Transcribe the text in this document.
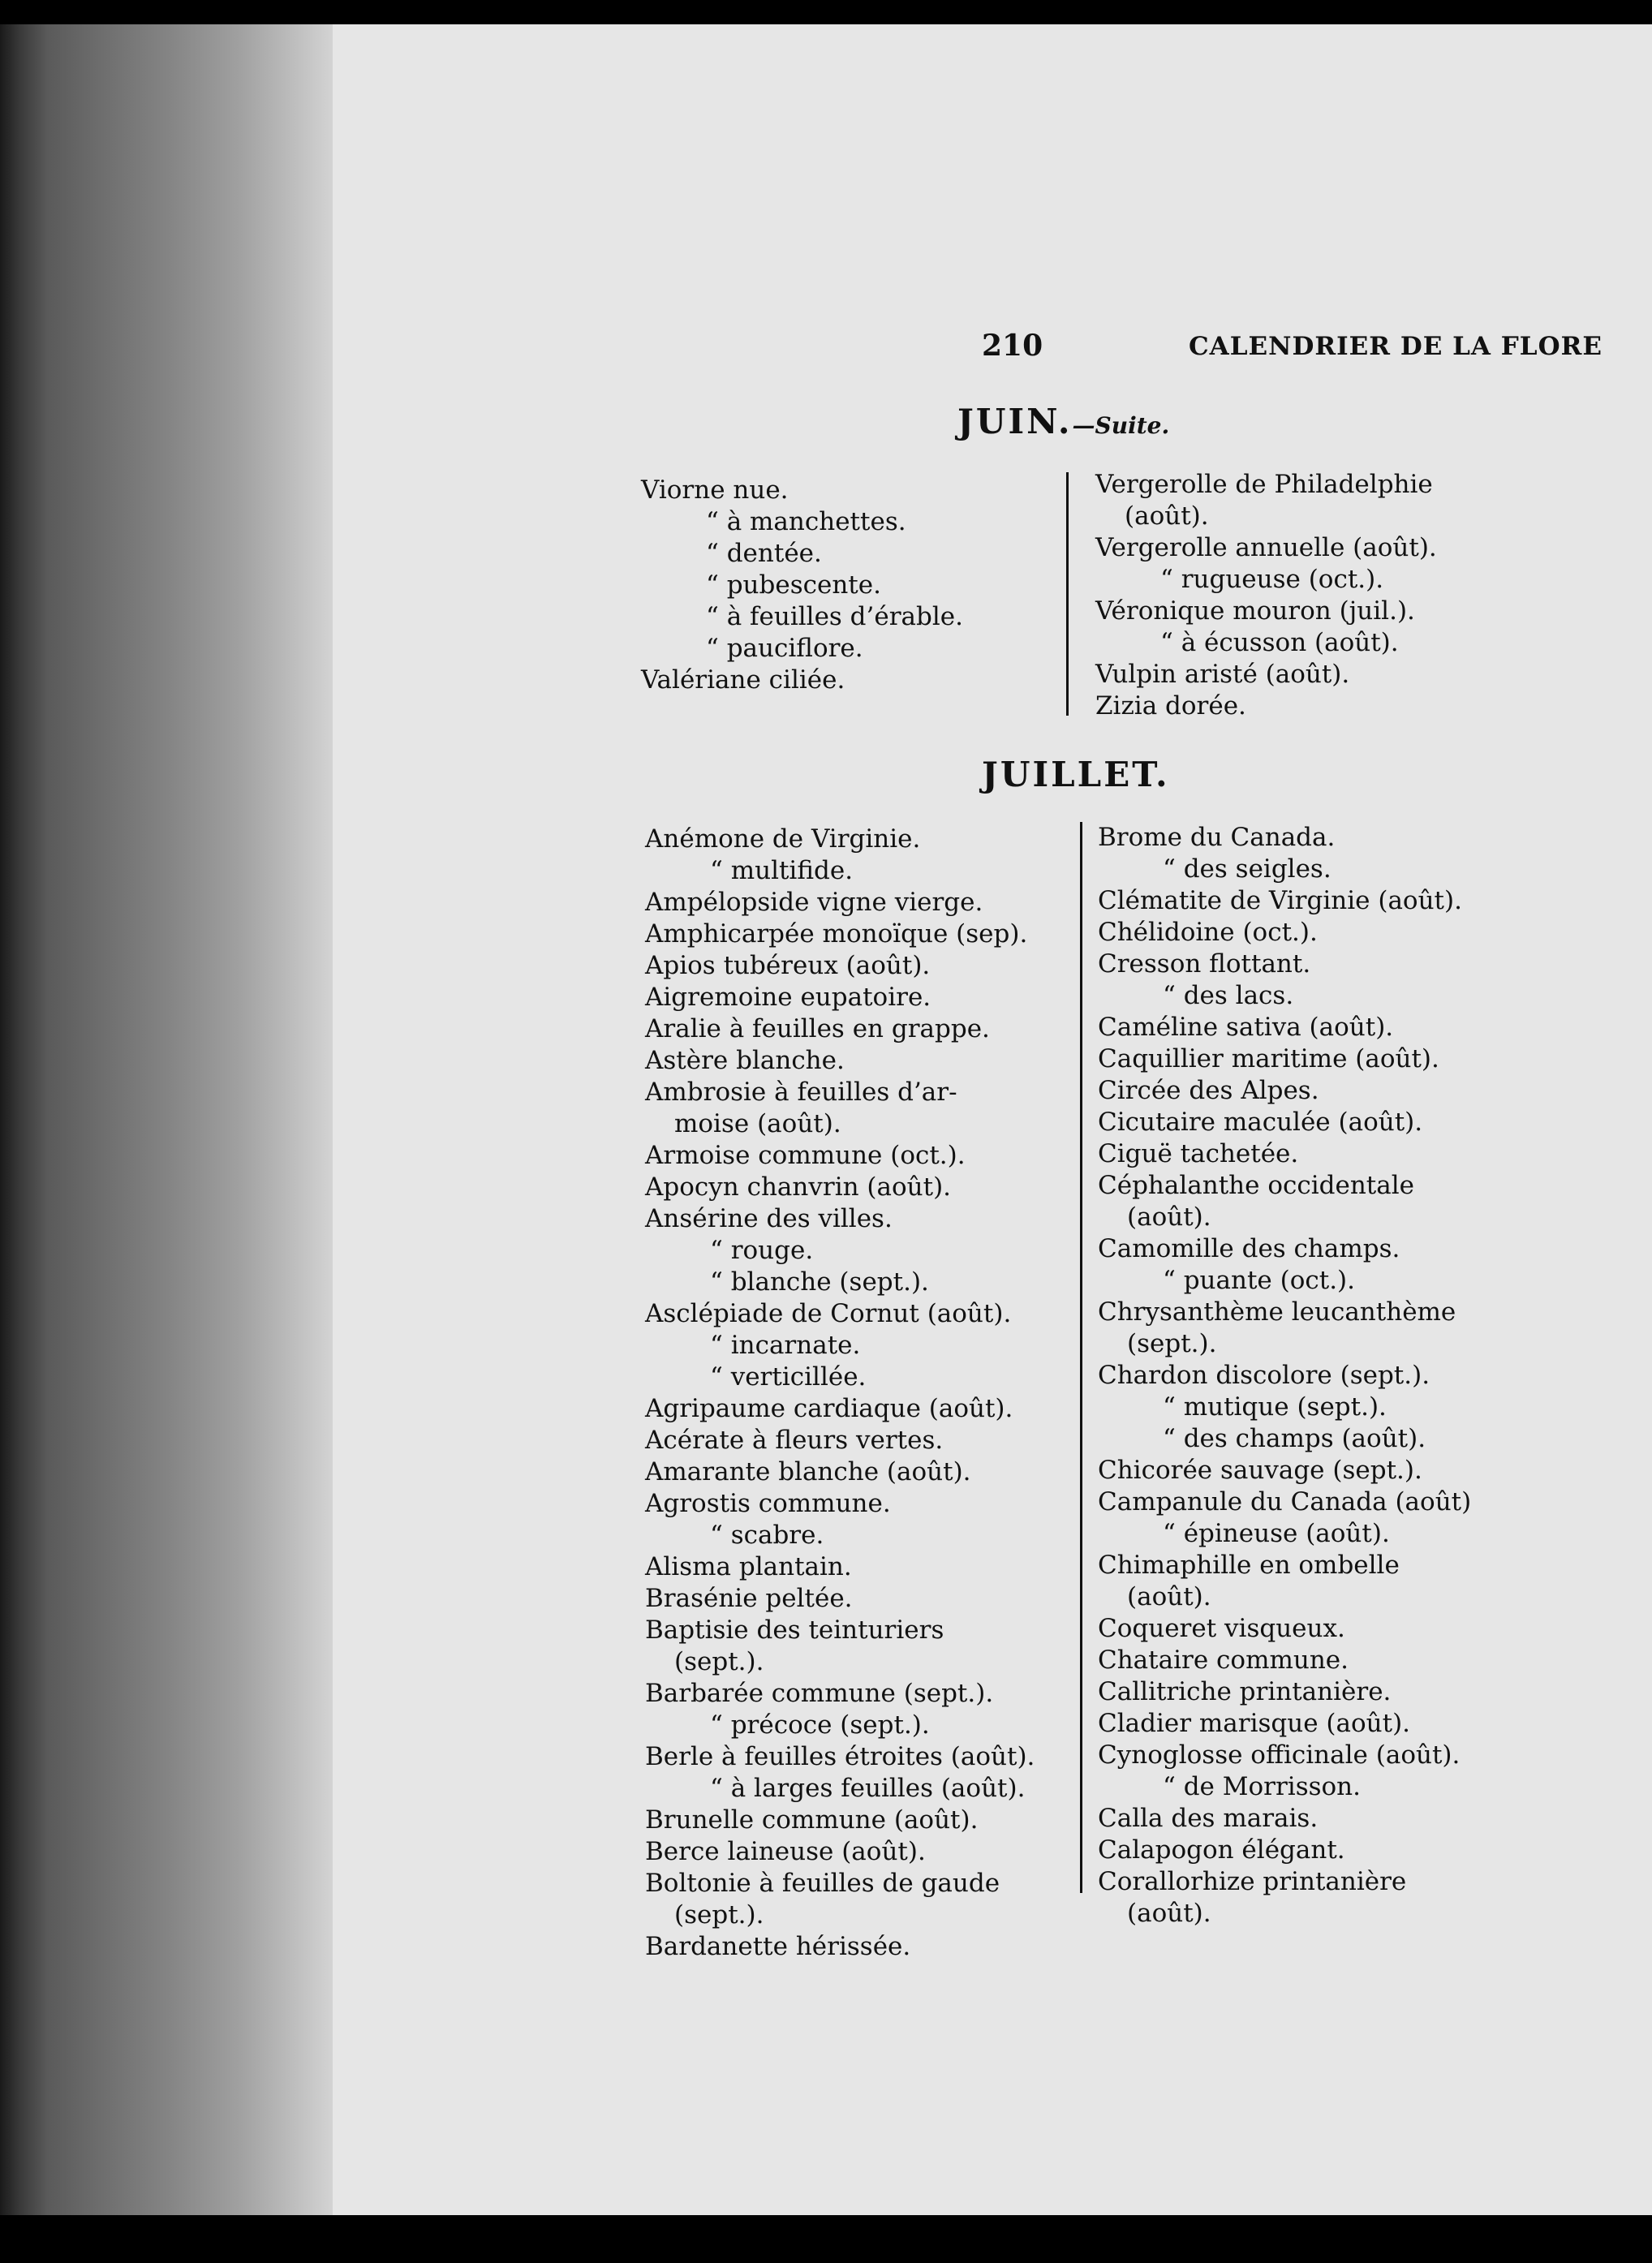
210	CALENDRIER DE LA FLORE
JUIN.—Suite.
Viorne nue.
“ à manchettes.
“ dentée.
“ pubescente.
“ à feuilles d’érable.
“ pauciflore.
Valériane ciliée.
Vergerolle de Philadelphie
(août).
Vergerolle annuelle (août).
“ rugueuse (oct.).
Véronique mouron (juil.).
“ à écusson (août).
Vulpin aristé (août).
Zizia dorée.
JUILLET.
Anémone de Virginie.
“ multifide.
Ampélopside vigne vierge.
Amphicarpée monoïque (sep).
Apios tubéreux (août).
Aigremoine eupatoire.
Aralie à feuilles en grappe.
Astère blanche.
Ambrosie à feuilles d’ar-
moise (août).
Armoise commune (oct.).
Apocyn chanvrin (août).
Ansérine des villes.
“ rouge.
“ blanche (sept.).
Asclépiade de Cornut (août).
“ incarnate.
“ verticillée.
Agripaume cardiaque (août).
Acérate à fleurs vertes.
Amarante blanche (août).
Agrostis commune.
“ scabre.
Alisma plantain.
Brasénie peltée.
Baptisie des teinturiers
(sept.).
Barbarée commune (sept.).
“ précoce (sept.).
Berle à feuilles étroites (août).
“ à larges feuilles (août).
Brunelle commune (août).
Berce laineuse (août).
Boltonie à feuilles de gaude
(sept.).
Bardanette hérissée.
Brome du Canada.
“ des seigles.
Clématite de Virginie (août).
Chélidoine (oct.).
Cresson flottant.
“ des lacs.
Caméline sativa (août).
Caquillier maritime (août).
Circée des Alpes.
Cicutaire maculée (août).
Ciguë tachetée.
Céphalanthe occidentale
(août).
Camomille des champs.
“ puante (oct.).
Chrysanthème leucanthème
(sept.).
Chardon discolore (sept.).
“ mutique (sept.).
“ des champs (août).
Chicorée sauvage (sept.).
Campanule du Canada (août)
“ épineuse (août).
Chimaphille en ombelle
(août).
Coqueret visqueux.
Chataire commune.
Callitriche printanière.
Cladier marisque (août).
Cynoglosse officinale (août).
“ de Morrisson.
Calla des marais.
Calapogon élégant.
Corallorhize printanière
(août).
